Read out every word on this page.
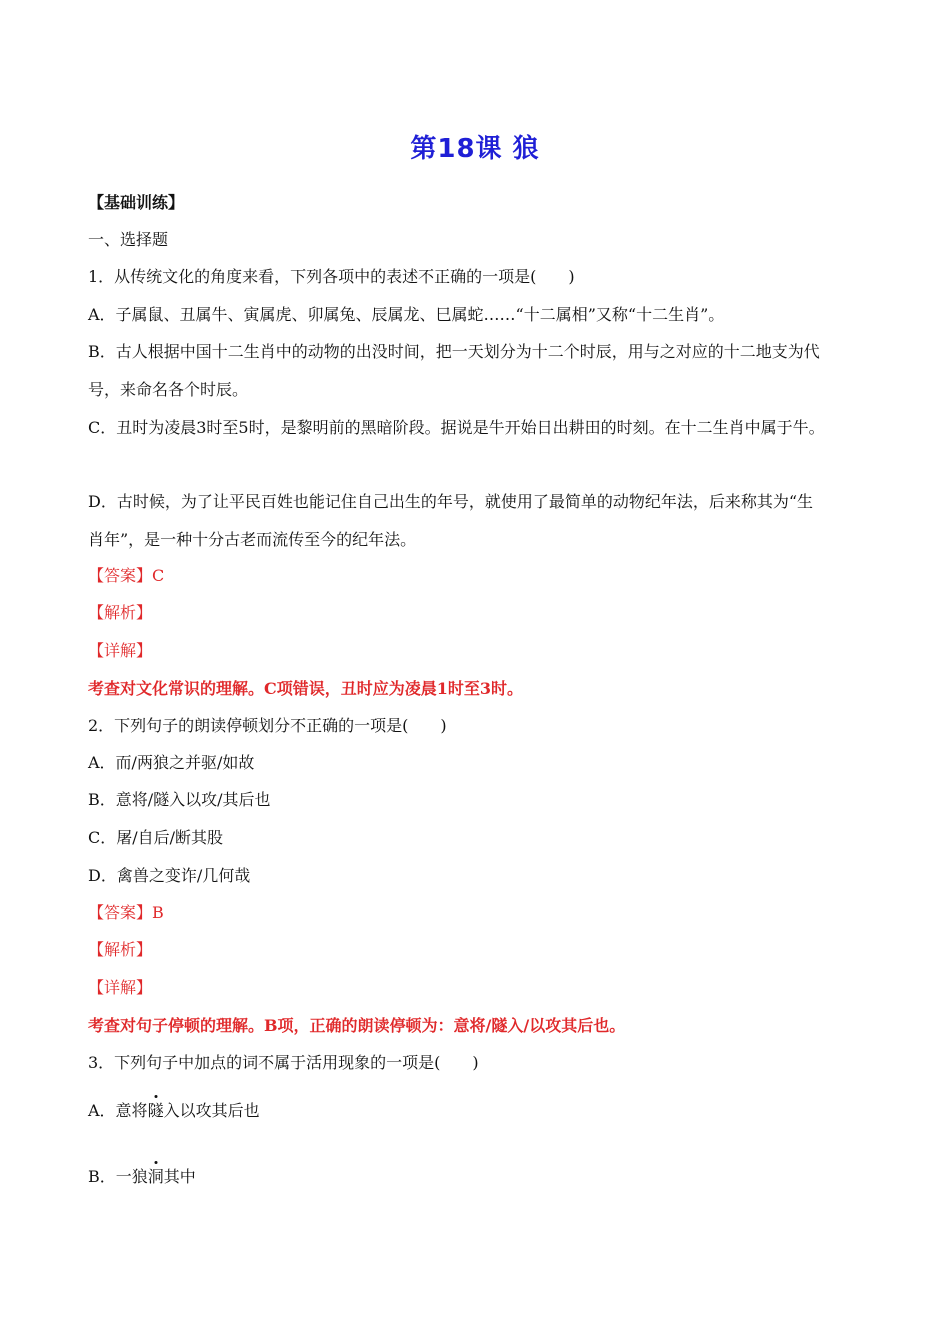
第18课 狼
【基础训练】
一、选择题
1．从传统文化的角度来看，下列各项中的表述不正确的一项是(　　)
A．子属鼠、丑属牛、寅属虎、卯属兔、辰属龙、巳属蛇……“十二属相”又称“十二生肖”。
B．古人根据中国十二生肖中的动物的出没时间，把一天划分为十二个时辰，用与之对应的十二地支为代
号，来命名各个时辰。
C．丑时为凌晨3时至5时，是黎明前的黑暗阶段。据说是牛开始日出耕田的时刻。在十二生肖中属于牛。
D．古时候，为了让平民百姓也能记住自己出生的年号，就使用了最简单的动物纪年法，后来称其为“生
肖年”，是一种十分古老而流传至今的纪年法。
【答案】C
【解析】
【详解】
考查对文化常识的理解。C项错误，丑时应为凌晨1时至3时。
2．下列句子的朗读停顿划分不正确的一项是(　　)
A．而/两狼之并驱/如故
B．意将/隧入以攻/其后也
C．屠/自后/断其股
D．禽兽之变诈/几何哉
【答案】B
【解析】
【详解】
考查对句子停顿的理解。B项，正确的朗读停顿为：意将/隧入/以攻其后也。
3．下列句子中加点的词不属于活用现象的一项是(　　)
A．意将隧入以攻其后也
B．一狼洞其中
